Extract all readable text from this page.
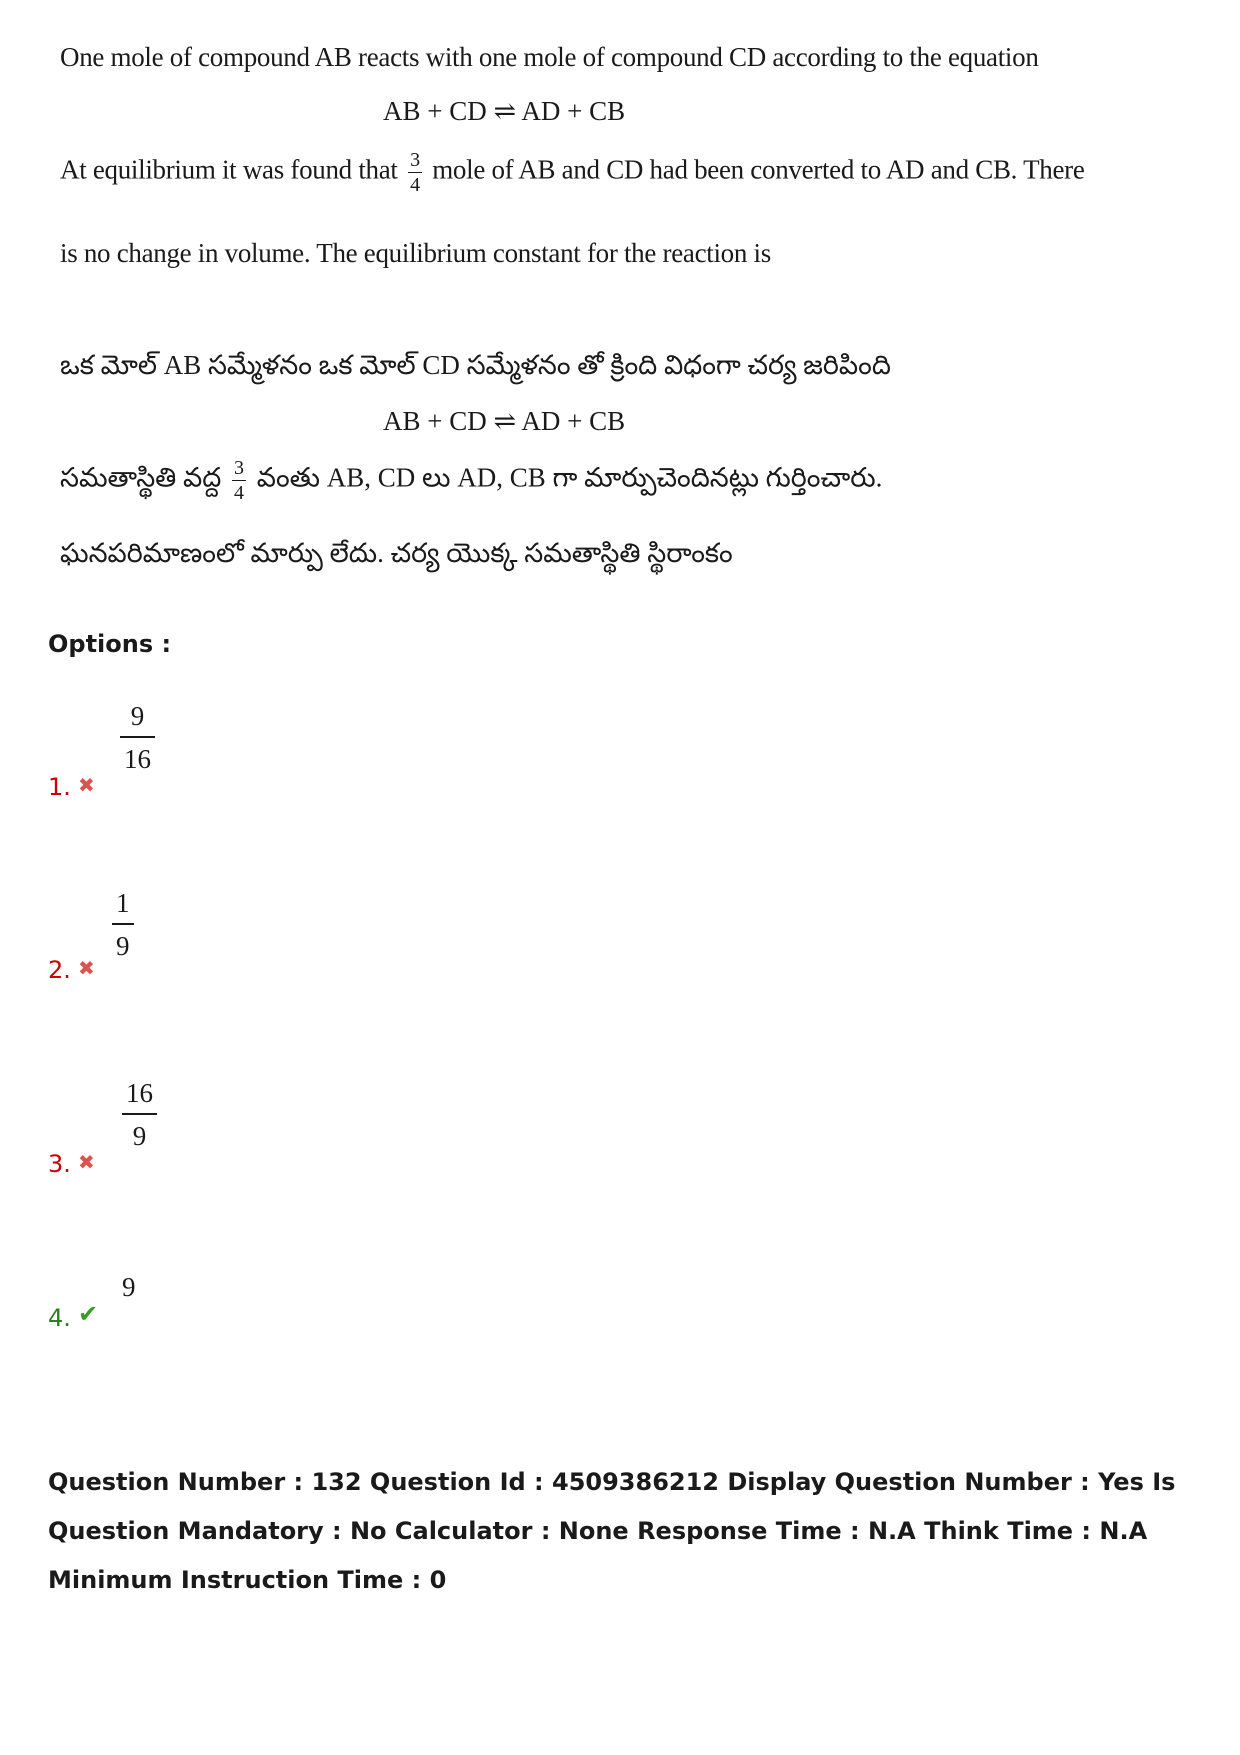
One mole of compound AB reacts with one mole of compound CD according to the equation
AB + CD ⇌ AD + CB
At equilibrium it was found that $\frac{3}{4}$ mole of AB and CD had been converted to AD and CB. There
is no change in volume. The equilibrium constant for the reaction is
ఒక మోల్ AB సమ్మేళనం ఒక మోల్ CD సమ్మేళనం తో క్రింది విధంగా చర్య జరిపింది
AB + CD ⇌ AD + CB
సమతాస్థితి వద్ద $\frac{3}{4}$ వంతు AB, CD లు AD, CB గా మార్పుచెందినట్లు గుర్తించారు.
ఘనపరిమాణంలో మార్పు లేదు. చర్య యొక్క సమతాస్థితి స్థిరాంకం
Options :
1. ✖
$\frac{9}{16}$
2. ✖
$\frac{1}{9}$
3. ✖
$\frac{16}{9}$
4. ✔
9
Question Number : 132 Question Id : 4509386212 Display Question Number : Yes Is Question Mandatory : No Calculator : None Response Time : N.A Think Time : N.A Minimum Instruction Time : 0
